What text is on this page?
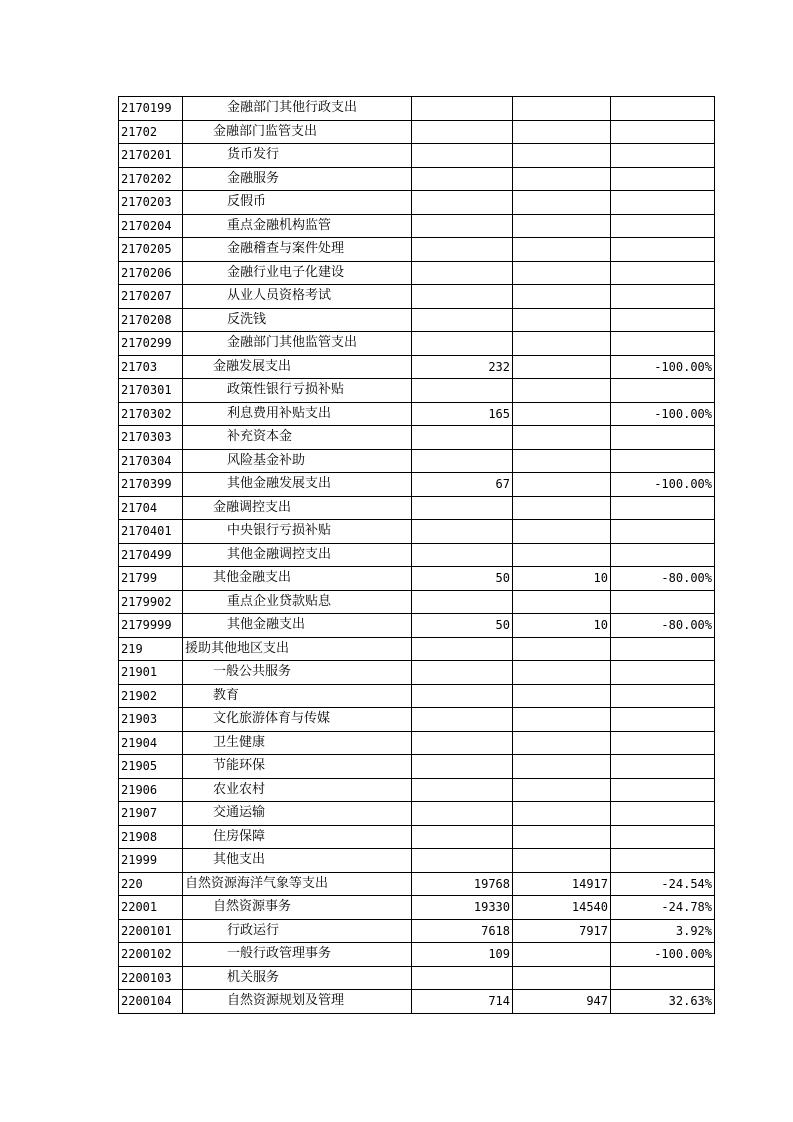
2170199	金融部门其他行政支出			
21702	金融部门监管支出			
2170201	货币发行			
2170202	金融服务			
2170203	反假币			
2170204	重点金融机构监管			
2170205	金融稽查与案件处理			
2170206	金融行业电子化建设			
2170207	从业人员资格考试			
2170208	反洗钱			
2170299	金融部门其他监管支出			
21703	金融发展支出	232		-100.00%
2170301	政策性银行亏损补贴			
2170302	利息费用补贴支出	165		-100.00%
2170303	补充资本金			
2170304	风险基金补助			
2170399	其他金融发展支出	67		-100.00%
21704	金融调控支出			
2170401	中央银行亏损补贴			
2170499	其他金融调控支出			
21799	其他金融支出	50	10	-80.00%
2179902	重点企业贷款贴息			
2179999	其他金融支出	50	10	-80.00%
219	援助其他地区支出			
21901	一般公共服务			
21902	教育			
21903	文化旅游体育与传媒			
21904	卫生健康			
21905	节能环保			
21906	农业农村			
21907	交通运输			
21908	住房保障			
21999	其他支出			
220	自然资源海洋气象等支出	19768	14917	-24.54%
22001	自然资源事务	19330	14540	-24.78%
2200101	行政运行	7618	7917	3.92%
2200102	一般行政管理事务	109		-100.00%
2200103	机关服务			
2200104	自然资源规划及管理	714	947	32.63%
